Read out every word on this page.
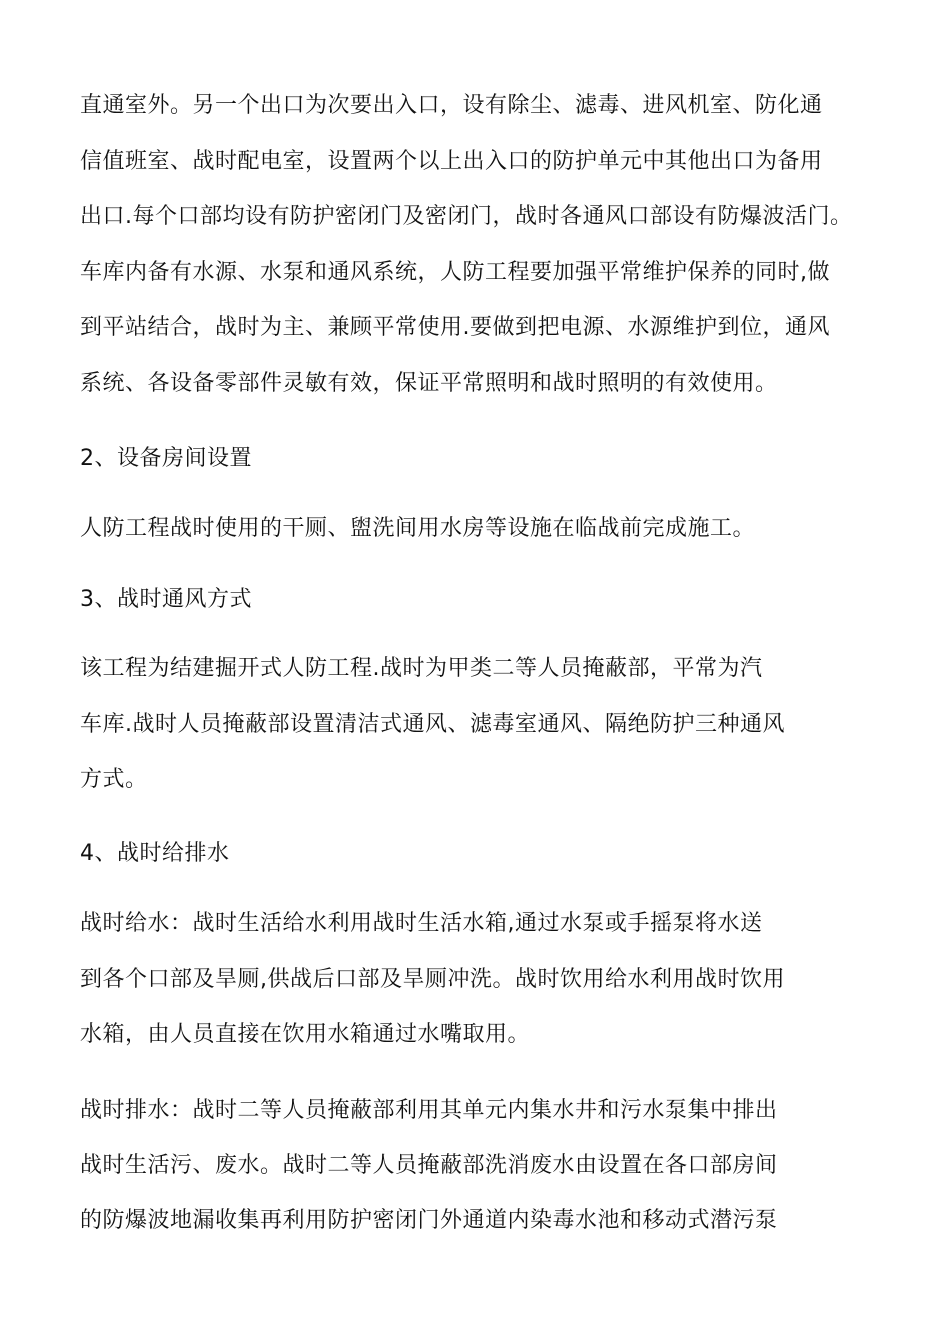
直通室外。另一个出口为次要出入口，设有除尘、滤毒、进风机室、防化通
信值班室、战时配电室，设置两个以上出入口的防护单元中其他出口为备用
出口.每个口部均设有防护密闭门及密闭门，战时各通风口部设有防爆波活门。
车库内备有水源、水泵和通风系统，人防工程要加强平常维护保养的同时,做
到平站结合，战时为主、兼顾平常使用.要做到把电源、水源维护到位，通风
系统、各设备零部件灵敏有效，保证平常照明和战时照明的有效使用。
2、设备房间设置
人防工程战时使用的干厕、盥洗间用水房等设施在临战前完成施工。
3、战时通风方式
该工程为结建掘开式人防工程.战时为甲类二等人员掩蔽部，平常为汽
车库.战时人员掩蔽部设置清洁式通风、滤毒室通风、隔绝防护三种通风
方式。
4、战时给排水
战时给水：战时生活给水利用战时生活水箱,通过水泵或手摇泵将水送
到各个口部及旱厕,供战后口部及旱厕冲洗。战时饮用给水利用战时饮用
水箱，由人员直接在饮用水箱通过水嘴取用。
战时排水：战时二等人员掩蔽部利用其单元内集水井和污水泵集中排出
战时生活污、废水。战时二等人员掩蔽部洗消废水由设置在各口部房间
的防爆波地漏收集再利用防护密闭门外通道内染毒水池和移动式潜污泵
